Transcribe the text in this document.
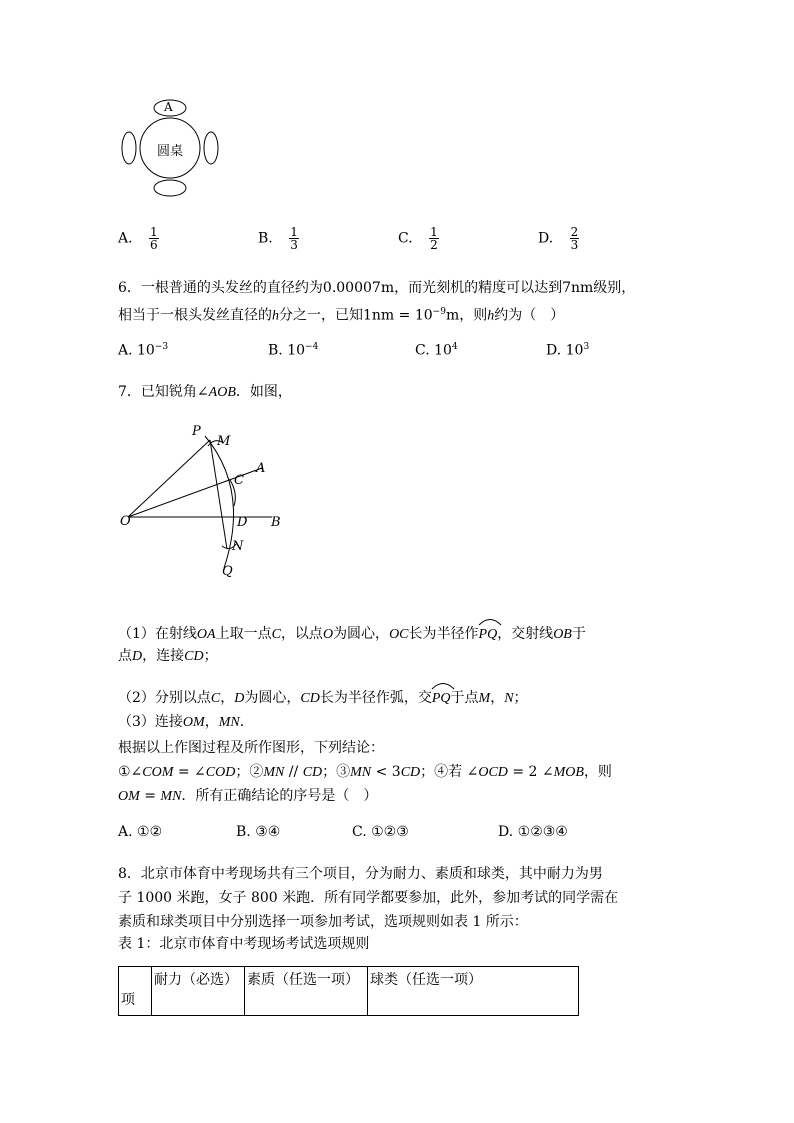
A
圆桌
A. $\frac{1}{6}$	B. $\frac{1}{3}$	C. $\frac{1}{2}$	D. $\frac{2}{3}$
6．一根普通的头发丝的直径约为0.00007m，而光刻机的精度可以达到7nm级别，
相当于一根头发丝直径的h分之一，已知$1nm = 10^{-9}m$，则h约为（　）
A. $10^{-3}$	B. $10^{-4}$	C. $10^4$	D. $10^3$
7．已知锐角∠AOB．如图，
P
M
A
C
O	D B
N
Q
（1）在射线OA上取一点C，以点O为圆心，OC长为半径作
PQ，交射线OB于
点D，连接CD；
（2）分别以点C，D为圆心，CD长为半径作弧，交
PQ于点M，N；
（3）连接OM，MN．
根据以上作图过程及所作图形，下列结论：
①∠COM = ∠COD；②MN // CD；③MN < 3CD；④若 ∠OCD = 2 ∠MOB，则
OM = MN．所有正确结论的序号是（　）
A. ①②	B. ③④	C. ①②③	D. ①②③④
8．北京市体育中考现场共有三个项目，分为耐力、素质和球类，其中耐力为男
子 1000 米跑，女子 800 米跑．所有同学都要参加，此外，参加考试的同学需在
素质和球类项目中分别选择一项参加考试，选项规则如表 1 所示：
表 1：北京市体育中考现场考试选项规则
项	耐力（必选）	素质（任选一项）	球类（任选一项）
